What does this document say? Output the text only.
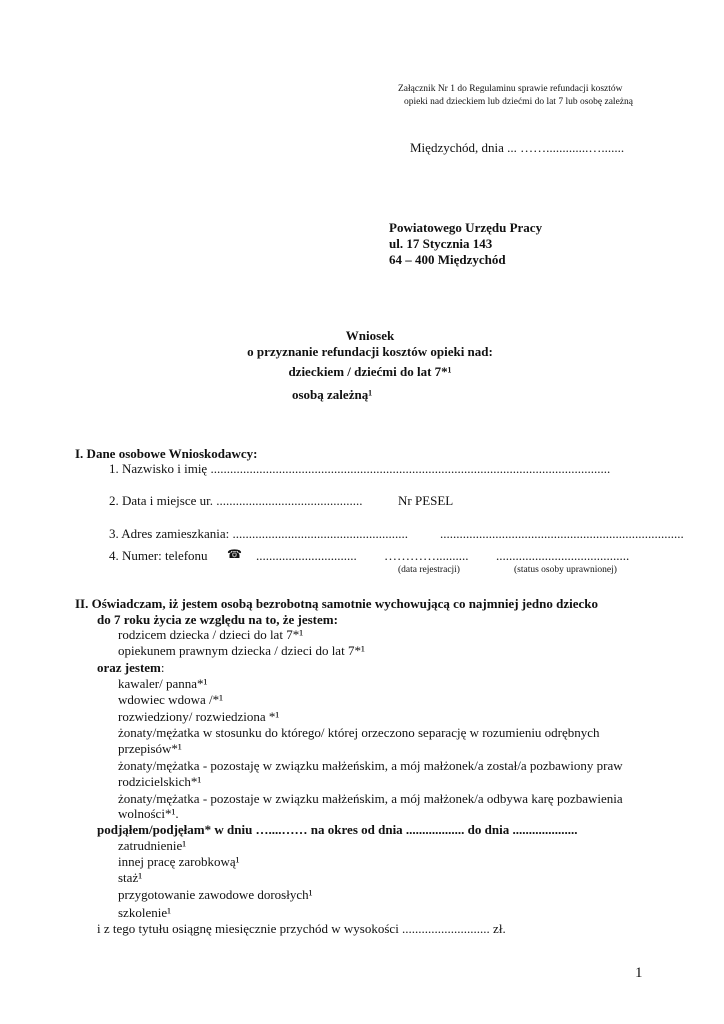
Załącznik Nr 1 do Regulaminu sprawie refundacji kosztów
opieki nad dzieckiem lub dziećmi do lat 7 lub osobę zależną
Międzychód, dnia ... …….............….......
Powiatowego Urzędu Pracy
ul. 17 Stycznia 143
64 – 400 Międzychód
Wniosek
o przyznanie refundacji kosztów opieki nad:
dzieckiem / dziećmi do lat 7*¹
osobą zależną¹
I. Dane osobowe Wnioskodawcy:
1. Nazwisko i imię ...........................................................................................................................
2. Data i miejsce ur. .............................................	Nr PESEL
3. Adres zamieszkania: ...................................................... ...........................................................................
4. Numer: telefonu ☎ ............................... ………….......... .........................................
(data rejestracji)	(status osoby uprawnionej)
II. Oświadczam, iż jestem osobą bezrobotną samotnie wychowującą co najmniej jedno dziecko
do 7 roku życia ze względu na to, że jestem:
rodzicem dziecka / dzieci do lat 7*¹
opiekunem prawnym dziecka / dzieci do lat 7*¹
oraz jestem:
kawaler/ panna*¹
wdowiec wdowa /*¹
rozwiedziony/ rozwiedziona *¹
żonaty/mężatka w stosunku do którego/ której orzeczono separację w rozumieniu odrębnych
przepisów*¹
żonaty/mężatka - pozostaję w związku małżeńskim, a mój małżonek/a został/a pozbawiony praw
rodzicielskich*¹
żonaty/mężatka - pozostaje w związku małżeńskim, a mój małżonek/a odbywa karę pozbawienia
wolności*¹.
podjąłem/podjęłam* w dniu …....…… na okres od dnia .................. do dnia ....................
zatrudnienie¹
innej pracę zarobkową¹
staż¹
przygotowanie zawodowe dorosłych¹
szkolenie¹
i z tego tytułu osiągnę miesięcznie przychód w wysokości ........................... zł.
1
